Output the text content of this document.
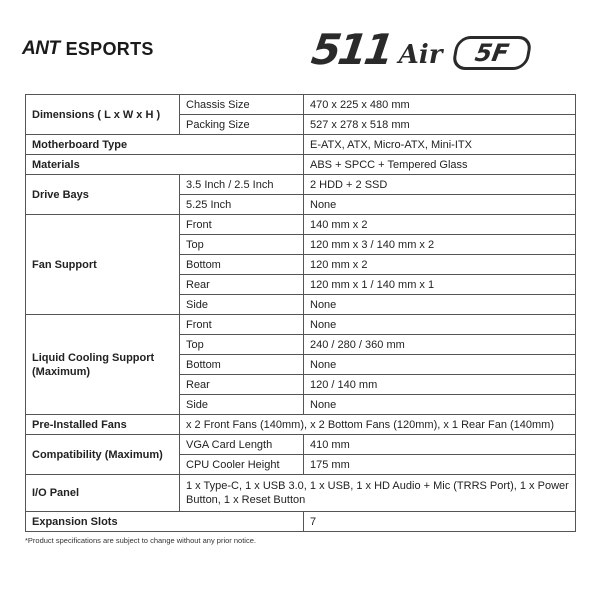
ANT ESPORTS	511 Air	5F
Dimensions ( L x W x H )	Chassis Size	470 x 225 x 480 mm
	Packing Size	527 x 278 x 518 mm
Motherboard Type		E-ATX, ATX, Micro-ATX, Mini-ITX
Materials		ABS + SPCC + Tempered Glass
Drive Bays	3.5 Inch / 2.5 Inch	2 HDD + 2 SSD
	5.25 Inch	None
Fan Support	Front	140 mm x 2
	Top	120 mm x 3 / 140 mm x 2
	Bottom	120 mm x 2
	Rear	120 mm x 1 / 140 mm x 1
	Side	None
Liquid Cooling Support (Maximum)	Front	None
	Top	240 / 280 / 360 mm
	Bottom	None
	Rear	120 / 140 mm
	Side	None
Pre-Installed Fans	x 2 Front Fans (140mm), x 2 Bottom Fans (120mm), x 1 Rear Fan (140mm)	
Compatibility (Maximum)	VGA Card Length	410 mm
	CPU Cooler Height	175 mm
I/O Panel	1 x Type-C, 1 x USB 3.0, 1 x USB, 1 x HD Audio + Mic (TRRS Port), 1 x Power Button, 1 x Reset Button	
Expansion Slots		7
*Product specifications are subject to change without any prior notice.
